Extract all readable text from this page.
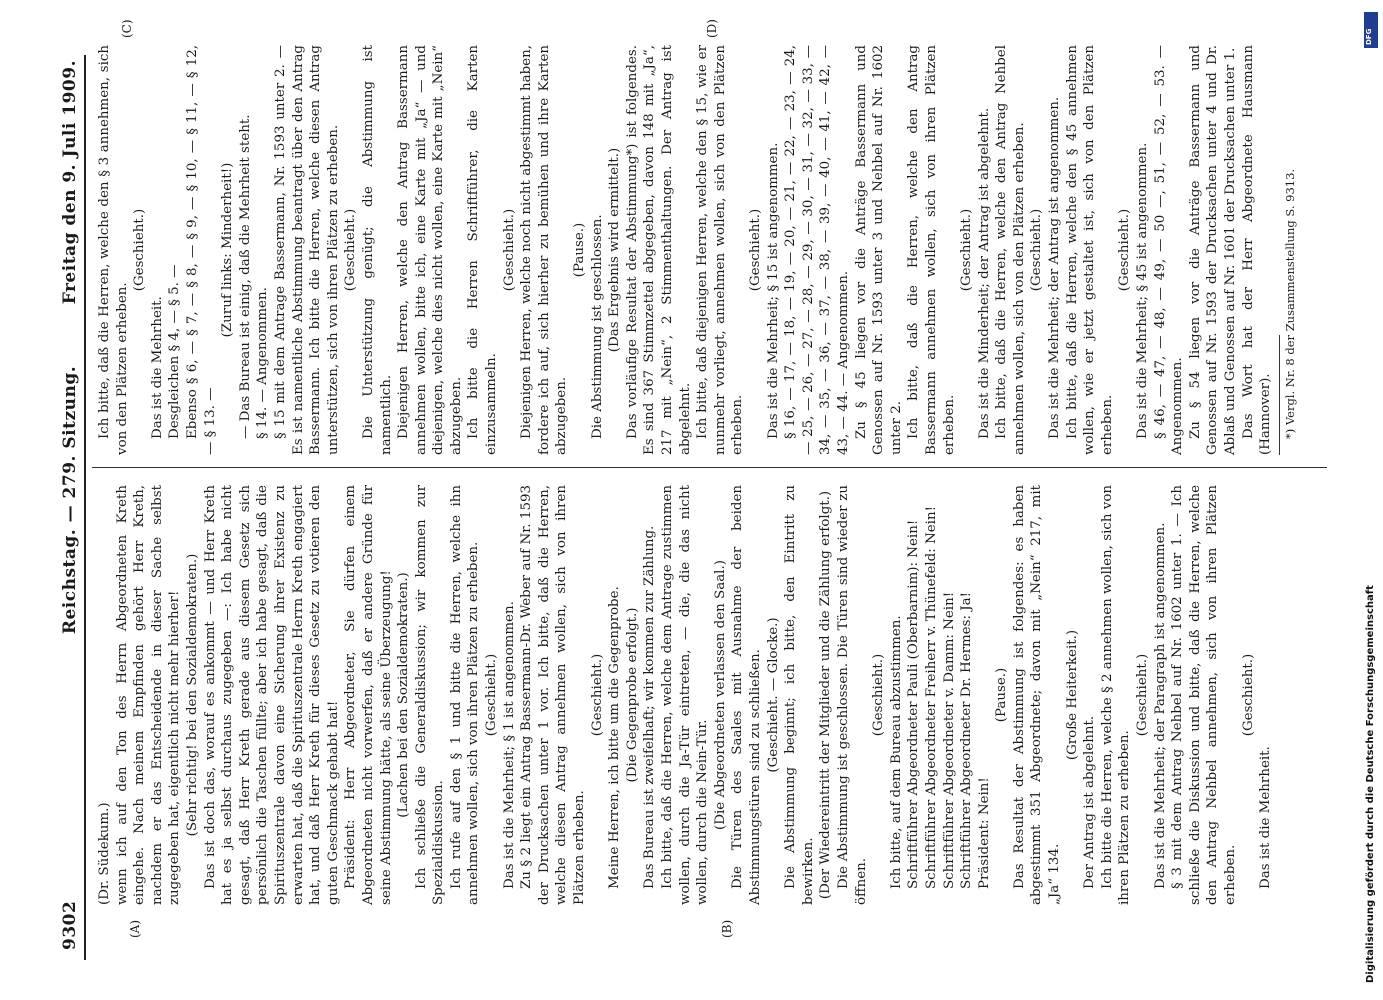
9302
Reichstag. — 279. Sitzung.
Freitag den 9. Juli 1909.
(A)	(B)
(C)	(D)

(Dr. Südekum.) wenn ich auf den Ton des Herrn Abgeordneten Kreth eingehe. Nach meinem Empfinden gehört Herr Kreth, nachdem er das Entscheidende in dieser Sache selbst zugegeben hat, eigentlich nicht mehr hierher! (Sehr richtig! bei den Sozialdemokraten.) Das ist doch das, worauf es ankommt — und Herr Kreth hat es ja selbst durchaus zugegeben —: Ich habe nicht gesagt, daß Herr Kreth gerade aus diesem Gesetz sich persönlich die Taschen füllte; aber ich habe gesagt, daß die Spirituszentrale davon eine Sicherung ihrer Existenz zu erwarten hat, daß die Spirituszentrale Herrn Kreth engagiert hat, und daß Herr Kreth für dieses Gesetz zu votieren den guten Geschmack gehabt hat! Präsident: Herr Abgeordneter, Sie dürfen einem Abgeordneten nicht vorwerfen, daß er andere Gründe für seine Abstimmung hätte, als seine Überzeugung! (Lachen bei den Sozialdemokraten.) Ich schließe die Generaldiskussion; wir kommen zur Spezialdiskussion. Ich rufe auf den § 1 und bitte die Herren, welche ihn annehmen wollen, sich von ihren Plätzen zu erheben. (Geschieht.) Das ist die Mehrheit; § 1 ist angenommen. Zu § 2 liegt ein Antrag Bassermann-Dr. Weber auf Nr. 1593 der Drucksachen unter 1 vor. Ich bitte, daß die Herren, welche diesen Antrag annehmen wollen, sich von ihren Plätzen erheben.

(Geschieht.) Meine Herren, ich bitte um die Gegenprobe. (Die Gegenprobe erfolgt.) Das Bureau ist zweifelhaft; wir kommen zur Zählung. Ich bitte, daß die Herren, welche dem Antrage zustimmen wollen, durch die Ja-Tür eintreten, — die, die das nicht wollen, durch die Nein-Tür. (Die Abgeordneten verlassen den Saal.) Die Türen des Saales mit Ausnahme der beiden Abstimmungstüren sind zu schließen. (Geschieht. — Glocke.) Die Abstimmung beginnt; ich bitte, den Eintritt zu bewirken. (Der Wiedereintritt der Mitglieder und die Zählung erfolgt.) Die Abstimmung ist geschlossen. Die Türen sind wieder zu öffnen.

(Geschieht.) Ich bitte, auf dem Bureau abzustimmen. Schriftführer Abgeordneter Pauli (Oberbarnim): Nein! Schriftführer Abgeordneter Freiherr v. Thünefeld: Nein! Schriftführer Abgeordneter v. Damm: Nein! Schriftführer Abgeordneter Dr. Hermes: Ja! Präsident: Nein!

(Pause.) Das Resultat der Abstimmung ist folgendes: es haben abgestimmt 351 Abgeordnete; davon mit „Nein“ 217, mit „Ja“ 134.

(Große Heiterkeit.)

Der Antrag ist abgelehnt. Ich bitte die Herren, welche § 2 annehmen wollen, sich von ihren Plätzen zu erheben.

(Geschieht.) Das ist die Mehrheit; der Paragraph ist angenommen. § 3 mit dem Antrag Nehbel auf Nr. 1602 unter 1. — Ich schließe die Diskussion und bitte, daß die Herren, welche den Antrag Nehbel annehmen, sich von ihren Plätzen erheben.

(Geschieht.)

Das ist die Mehrheit.

Ich bitte, daß die Herren, welche den § 3 annehmen, sich von den Plätzen erheben.

(Geschieht.)

Das ist die Mehrheit. Desgleichen § 4, — § 5. — Ebenso § 6, — § 7, — § 8, — § 9, — § 10, — § 11, — § 12, — § 13. —

(Zuruf links: Minderheit!) — Das Bureau ist einig, daß die Mehrheit steht. § 14. — Angenommen. § 15 mit dem Antrage Bassermann, Nr. 1593 unter 2. — Es ist namentliche Abstimmung beantragt über den Antrag Bassermann. Ich bitte die Herren, welche diesen Antrag unterstützen, sich von ihren Plätzen zu erheben. (Geschieht.) Die Unterstützung genügt; die Abstimmung ist namentlich. Diejenigen Herren, welche den Antrag Bassermann annehmen wollen, bitte ich, eine Karte mit „Ja“ — und diejenigen, welche dies nicht wollen, eine Karte mit „Nein“ abzugeben. Ich bitte die Herren Schriftführer, die Karten einzusammeln.

(Geschieht.) Diejenigen Herren, welche noch nicht abgestimmt haben, fordere ich auf, sich hierher zu bemühen und ihre Karten abzugeben.

(Pause.) Die Abstimmung ist geschlossen. (Das Ergebnis wird ermittelt.) Das vorläufige Resultat der Abstimmung*) ist folgendes. Es sind 367 Stimmzettel abgegeben, davon 148 mit „Ja“, 217 mit „Nein“, 2 Stimmenthaltungen. Der Antrag ist abgelehnt. Ich bitte, daß diejenigen Herren, welche den § 15, wie er nunmehr vorliegt, annehmen wollen, sich von den Plätzen erheben.

(Geschieht.) Das ist die Mehrheit; § 15 ist angenommen. § 16, — 17, — 18, — 19, — 20, — 21, — 22, — 23, — 24, — 25, — 26, — 27, — 28, — 29, — 30, — 31, — 32, — 33, — 34, — 35, — 36, — 37, — 38, — 39, — 40, — 41, — 42, — 43, — 44. — Angenommen. Zu § 45 liegen vor die Anträge Bassermann und Genossen auf Nr. 1593 unter 3 und Nehbel auf Nr. 1602 unter 2. Ich bitte, daß die Herren, welche den Antrag Bassermann annehmen wollen, sich von ihren Plätzen erheben.

(Geschieht.) Das ist die Minderheit; der Antrag ist abgelehnt. Ich bitte, daß die Herren, welche den Antrag Nehbel annehmen wollen, sich von den Plätzen erheben. (Geschieht.) Das ist die Mehrheit; der Antrag ist angenommen. Ich bitte, daß die Herren, welche den § 45 annehmen wollen, wie er jetzt gestaltet ist, sich von den Plätzen erheben.

(Geschieht.) Das ist die Mehrheit; § 45 ist angenommen. § 46, — 47, — 48, — 49, — 50 —, 51, — 52, — 53. — Angenommen. Zu § 54 liegen vor die Anträge Bassermann und Genossen auf Nr. 1593 der Drucksachen unter 4 und Dr. Ablaß und Genossen auf Nr. 1601 der Drucksachen unter 1. Das Wort hat der Herr Abgeordnete Hausmann (Hannover). *) Vergl. Nr. 8 der Zusammenstellung S. 9313.

DFG
Digitalisierung gefördert durch die Deutsche Forschungsgemeinschaft
